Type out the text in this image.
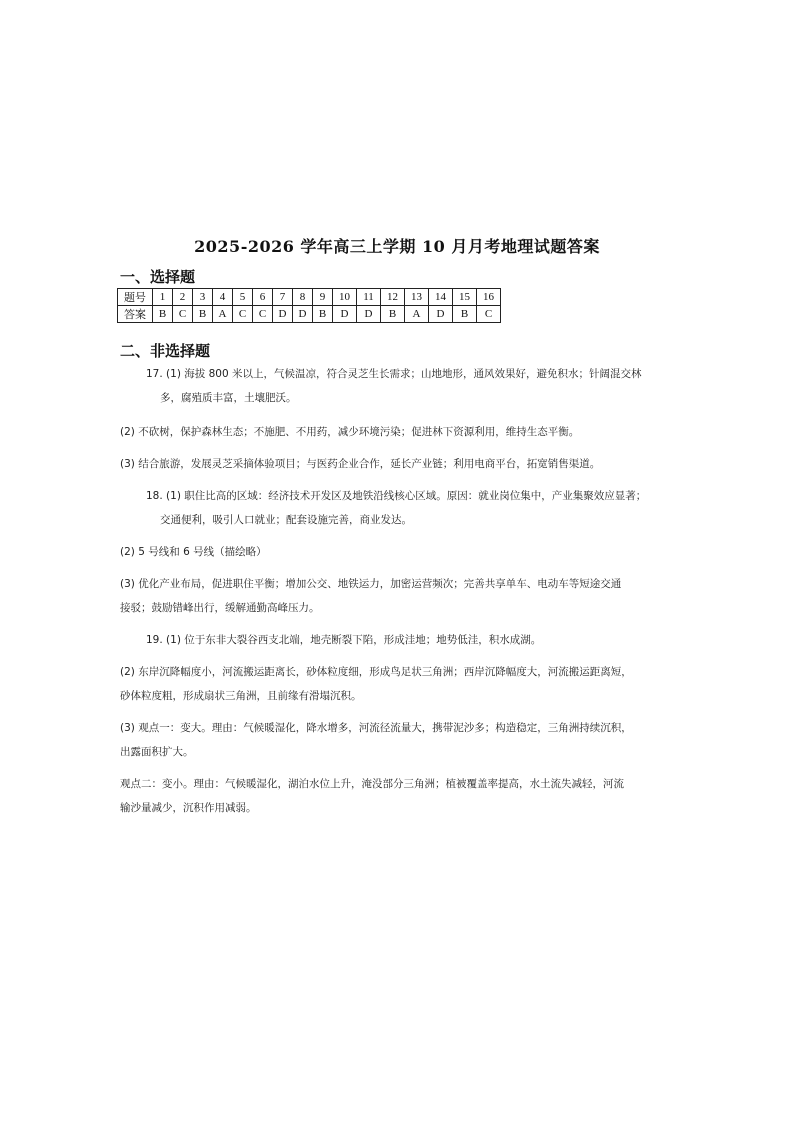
2025-2026 学年高三上学期 10 月月考地理试题答案
一、选择题
题号	1	2	3	4	5	6	7	8	9	10	11	12	13	14	15	16
答案	B	C	B	A	C	C	D	D	B	D	D	B	A	D	B	C
二、非选择题
17. (1) 海拔 800 米以上，气候温凉，符合灵芝生长需求；山地地形，通风效果好，避免积水；针阔混交林
多，腐殖质丰富，土壤肥沃。
(2) 不砍树，保护森林生态；不施肥、不用药，减少环境污染；促进林下资源利用，维持生态平衡。
(3) 结合旅游，发展灵芝采摘体验项目；与医药企业合作，延长产业链；利用电商平台，拓宽销售渠道。
18. (1) 职住比高的区域：经济技术开发区及地铁沿线核心区域。原因：就业岗位集中，产业集聚效应显著；
交通便利，吸引人口就业；配套设施完善，商业发达。
(2) 5 号线和 6 号线（描绘略）
(3) 优化产业布局，促进职住平衡；增加公交、地铁运力，加密运营频次；完善共享单车、电动车等短途交通
接驳；鼓励错峰出行，缓解通勤高峰压力。
19. (1) 位于东非大裂谷西支北端，地壳断裂下陷，形成洼地；地势低洼，积水成湖。
(2) 东岸沉降幅度小，河流搬运距离长，砂体粒度细，形成鸟足状三角洲；西岸沉降幅度大，河流搬运距离短，
砂体粒度粗，形成扇状三角洲，且前缘有滑塌沉积。
(3) 观点一：变大。理由：气候暖湿化，降水增多，河流径流量大，携带泥沙多；构造稳定，三角洲持续沉积，
出露面积扩大。
观点二：变小。理由：气候暖湿化，湖泊水位上升，淹没部分三角洲；植被覆盖率提高，水土流失减轻，河流
输沙量减少，沉积作用减弱。
